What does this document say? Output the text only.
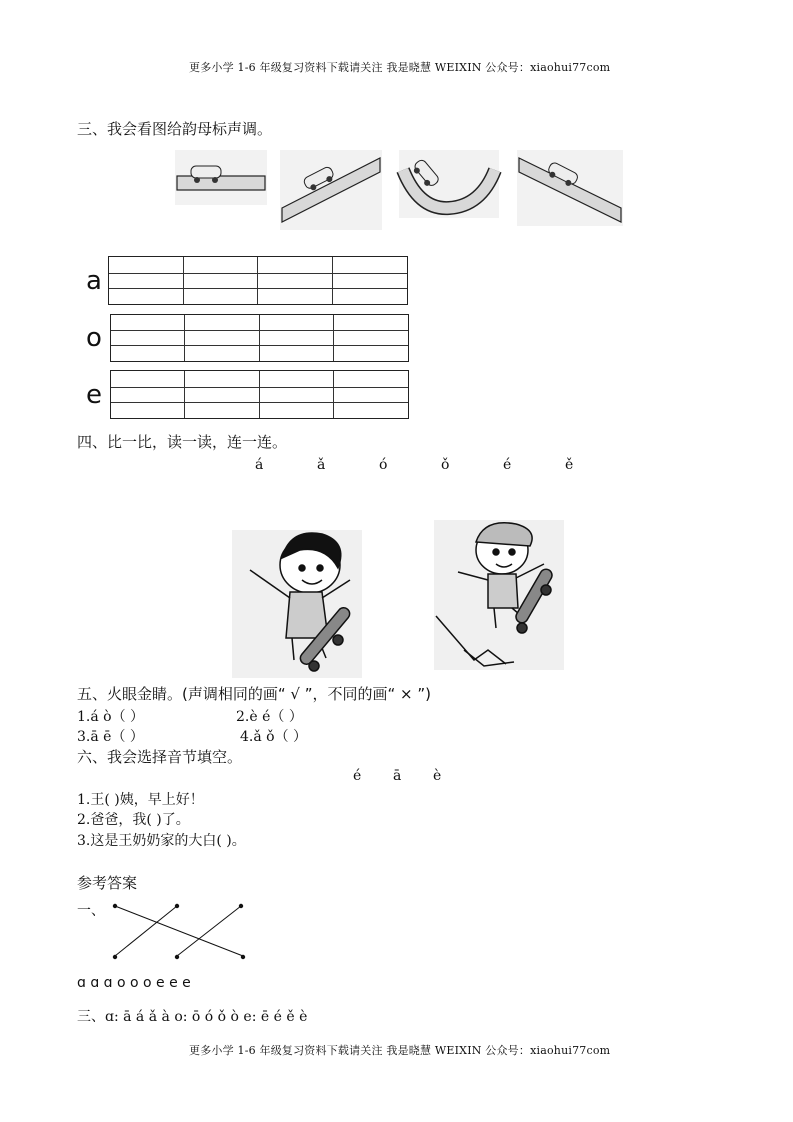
更多小学 1-6 年级复习资料下载请关注 我是晓慧 WEIXIN 公众号：xiaohui77com
三、我会看图给韵母标声调。
a
o
e
四、比一比，读一读，连一连。
á	ǎ	ó	ǒ	é	ě
五、火眼金睛。(声调相同的画“ √ ”，不同的画“ × ”)
1.á ò（ ）	2.è é（ ）
3.ā ē（ ）	4.ǎ ǒ（ ）
六、我会选择音节填空。
é ā è
1.王( )姨，早上好！
2.爸爸，我( )了。
3.这是王奶奶家的大白( )。
参考答案
一、
ɑ ɑ ɑ o o o e e e
三、ɑ: ā á ǎ à o: ō ó ǒ ò e: ē é ě è
更多小学 1-6 年级复习资料下载请关注 我是晓慧 WEIXIN 公众号：xiaohui77com
